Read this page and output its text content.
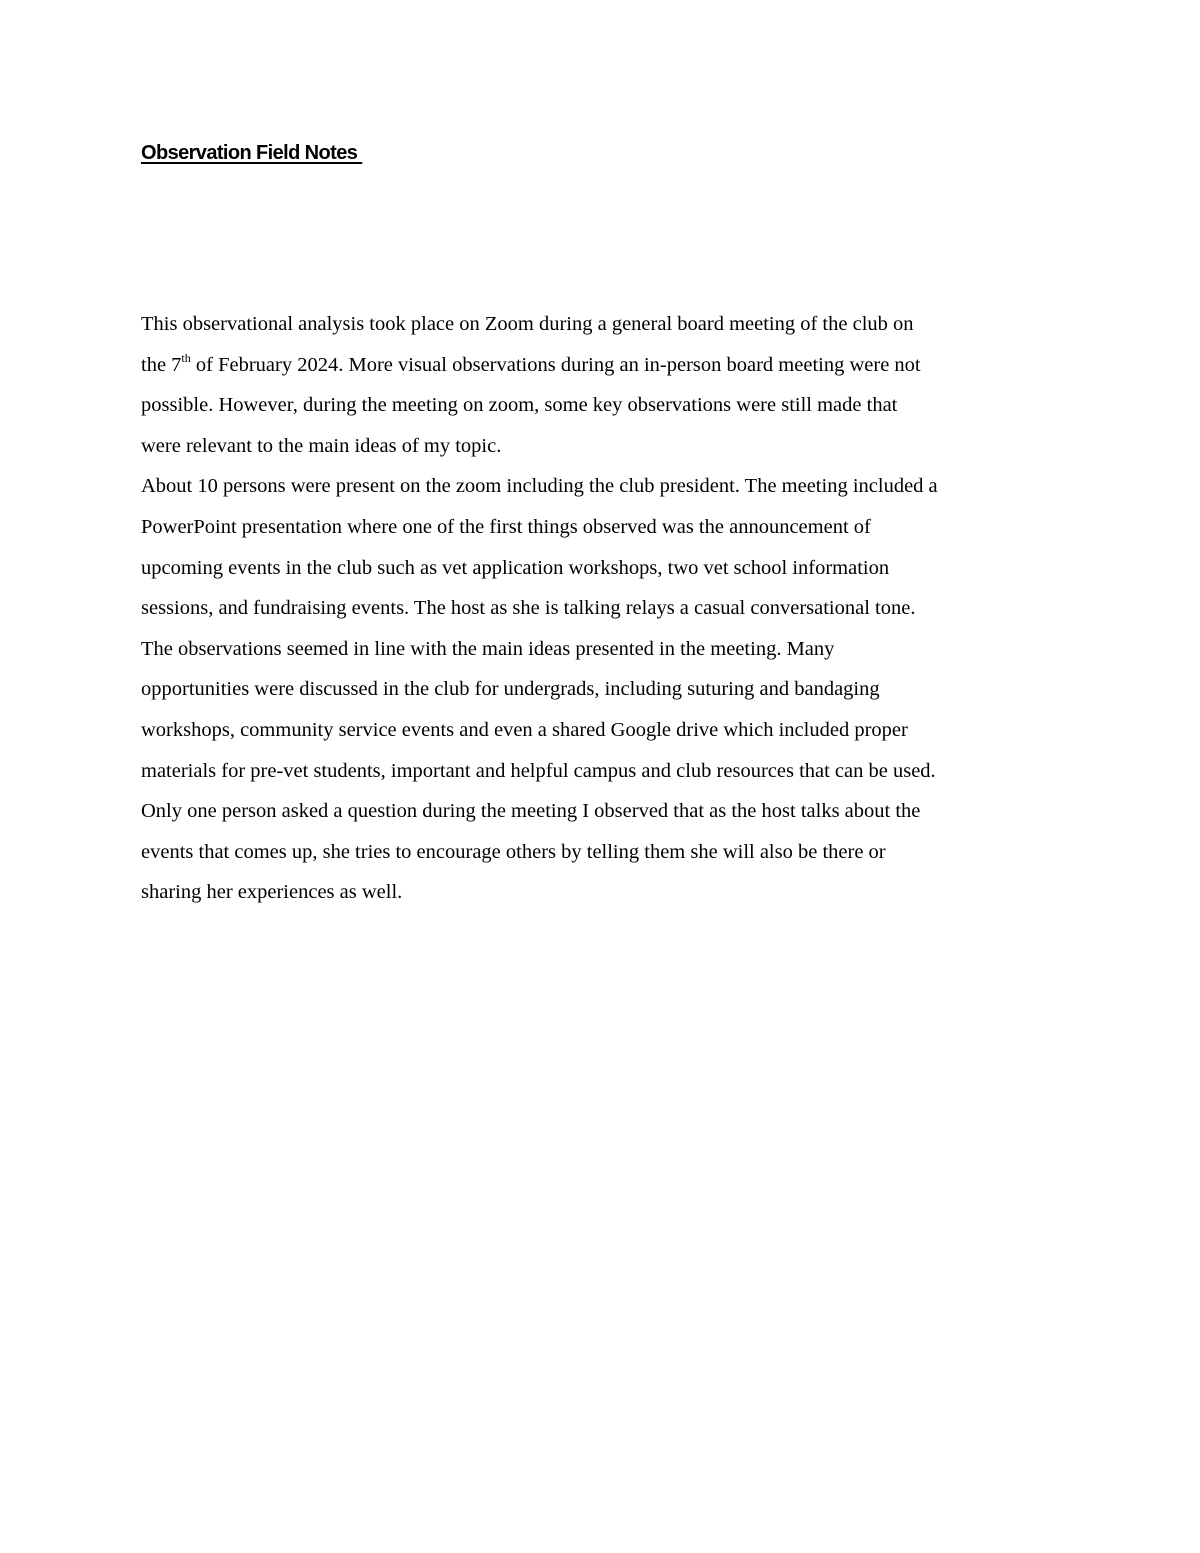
Observation Field Notes
This observational analysis took place on Zoom during a general board meeting of the club on
the 7th of February 2024. More visual observations during an in-person board meeting were not
possible. However, during the meeting on zoom, some key observations were still made that
were relevant to the main ideas of my topic.
About 10 persons were present on the zoom including the club president. The meeting included a
PowerPoint presentation where one of the first things observed was the announcement of
upcoming events in the club such as vet application workshops, two vet school information
sessions, and fundraising events. The host as she is talking relays a casual conversational tone.
The observations seemed in line with the main ideas presented in the meeting. Many
opportunities were discussed in the club for undergrads, including suturing and bandaging
workshops, community service events and even a shared Google drive which included proper
materials for pre-vet students, important and helpful campus and club resources that can be used.
Only one person asked a question during the meeting I observed that as the host talks about the
events that comes up, she tries to encourage others by telling them she will also be there or
sharing her experiences as well.
